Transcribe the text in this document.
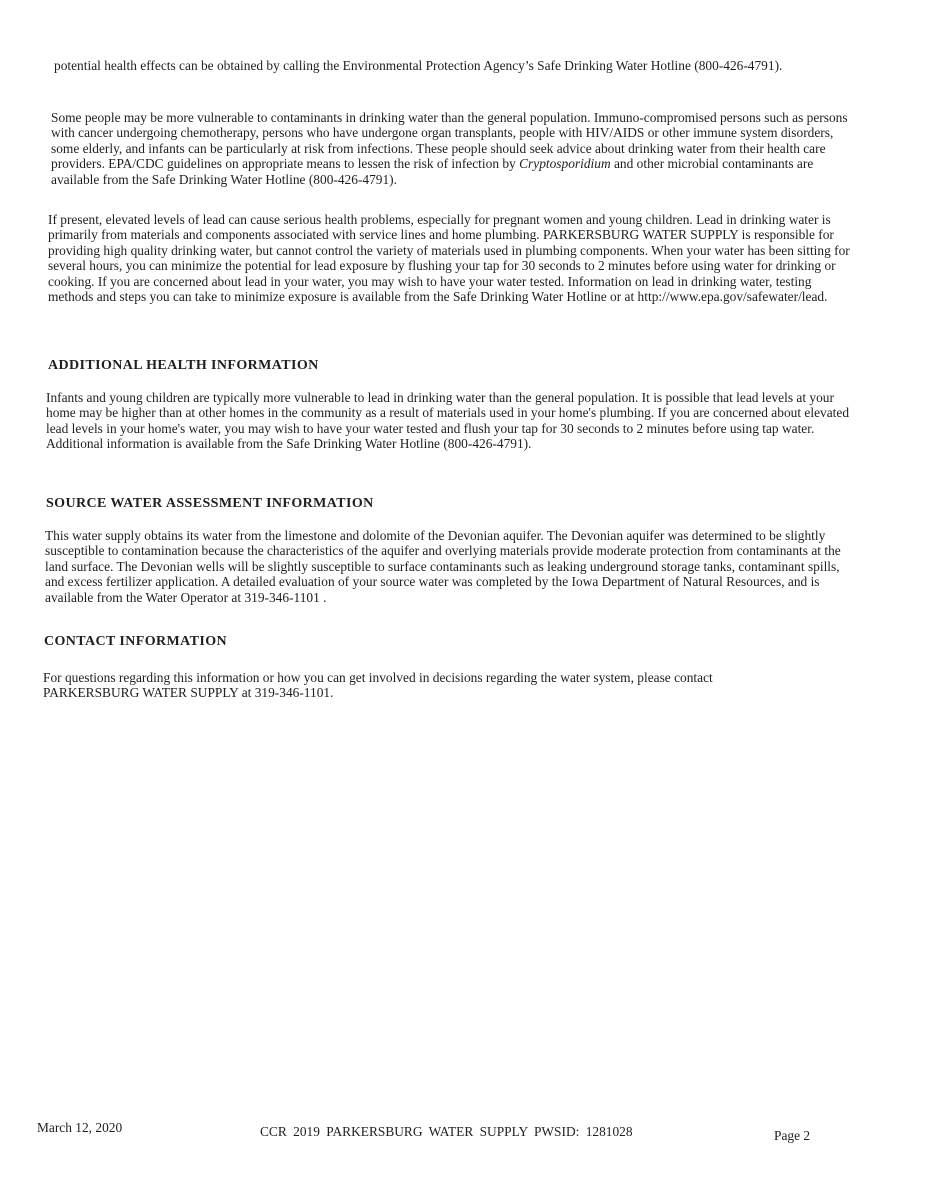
potential health effects can be obtained by calling the Environmental Protection Agency’s Safe Drinking Water Hotline (800-426-4791).

Some people may be more vulnerable to contaminants in drinking water than the general population. Immuno-compromised persons such as persons with cancer undergoing chemotherapy, persons who have undergone organ transplants, people with HIV/AIDS or other immune system disorders, some elderly, and infants can be particularly at risk from infections. These people should seek advice about drinking water from their health care providers. EPA/CDC guidelines on appropriate means to lessen the risk of infection by Cryptosporidium and other microbial contaminants are available from the Safe Drinking Water Hotline (800-426-4791).

If present, elevated levels of lead can cause serious health problems, especially for pregnant women and young children. Lead in drinking water is primarily from materials and components associated with service lines and home plumbing. PARKERSBURG WATER SUPPLY is responsible for providing high quality drinking water, but cannot control the variety of materials used in plumbing components. When your water has been sitting for several hours, you can minimize the potential for lead exposure by flushing your tap for 30 seconds to 2 minutes before using water for drinking or cooking. If you are concerned about lead in your water, you may wish to have your water tested. Information on lead in drinking water, testing methods and steps you can take to minimize exposure is available from the Safe Drinking Water Hotline or at http://www.epa.gov/safewater/lead.

ADDITIONAL HEALTH INFORMATION

Infants and young children are typically more vulnerable to lead in drinking water than the general population. It is possible that lead levels at your home may be higher than at other homes in the community as a result of materials used in your home's plumbing. If you are concerned about elevated lead levels in your home's water, you may wish to have your water tested and flush your tap for 30 seconds to 2 minutes before using tap water. Additional information is available from the Safe Drinking Water Hotline (800-426-4791).

SOURCE WATER ASSESSMENT INFORMATION

This water supply obtains its water from the limestone and dolomite of the Devonian aquifer. The Devonian aquifer was determined to be slightly susceptible to contamination because the characteristics of the aquifer and overlying materials provide moderate protection from contaminants at the land surface. The Devonian wells will be slightly susceptible to surface contaminants such as leaking underground storage tanks, contaminant spills, and excess fertilizer application. A detailed evaluation of your source water was completed by the Iowa Department of Natural Resources, and is available from the Water Operator at 319-346-1101 .

CONTACT INFORMATION

For questions regarding this information or how you can get involved in decisions regarding the water system, please contact PARKERSBURG WATER SUPPLY at 319-346-1101.

March 12, 2020	CCR 2019 PARKERSBURG WATER SUPPLY PWSID: 1281028	Page 2
